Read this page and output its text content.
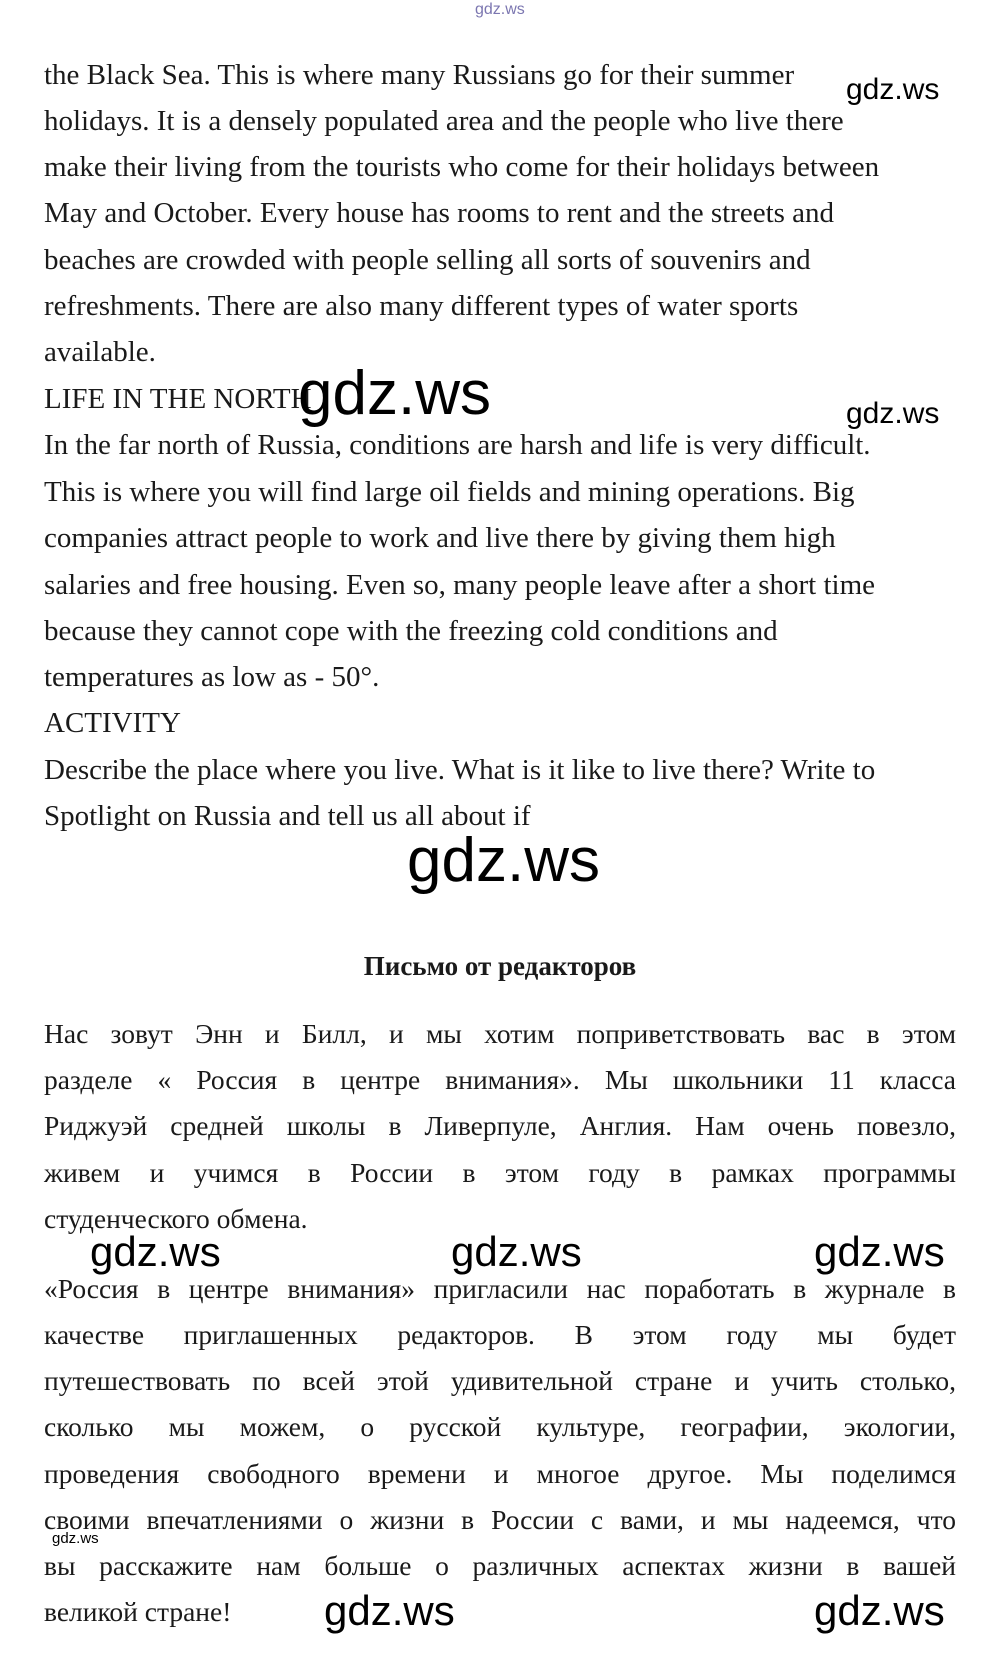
gdz.ws

the Black Sea. This is where many Russians go for their summer

holidays. It is a densely populated area and the people who live there

make their living from the tourists who come for their holidays between

May and October. Every house has rooms to rent and the streets and

beaches are crowded with people selling all sorts of souvenirs and

refreshments. There are also many different types of water sports

available.

LIFE IN THE NORTH

In the far north of Russia, conditions are harsh and life is very difficult.

This is where you will find large oil fields and mining operations. Big

companies attract people to work and live there by giving them high

salaries and free housing. Even so, many people leave after a short time

because they cannot cope with the freezing cold conditions and

temperatures as low as - 50°.

ACTIVITY

Describe the place where you live. What is it like to live there? Write to

Spotlight on Russia and tell us all about if

Письмо от редакторов

Нас зовут Энн и Билл, и мы хотим поприветствовать вас в этом

разделе « Россия в центре внимания». Мы школьники 11 класса

Риджуэй средней школы в Ливерпуле, Англия. Нам очень повезло,

живем и учимся в России в этом году в рамках программы

студенческого обмена.

«Россия в центре внимания» пригласили нас поработать в журнале в

качестве приглашенных редакторов. В этом году мы будет

путешествовать по всей этой удивительной стране и учить столько,

сколько мы можем, о русской культуре, географии, экологии,

проведения свободного времени и многое другое. Мы поделимся

своими впечатлениями о жизни в России с вами, и мы надеемся, что

вы расскажите нам больше о различных аспектах жизни в вашей

великой стране!

gdz.ws
gdz.ws	gdz.ws
gdz.ws
gdz.ws	gdz.ws	gdz.ws
gdz.ws
gdz.ws	gdz.ws
